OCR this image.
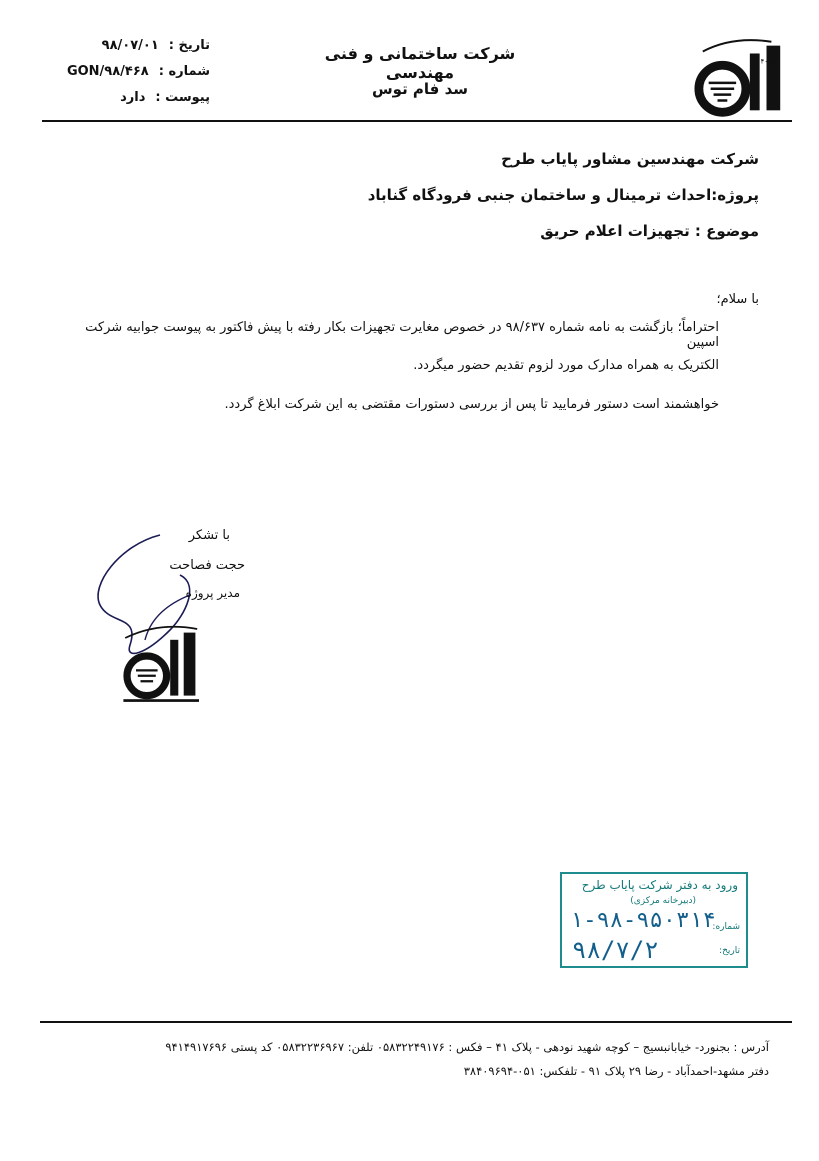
۴۰۶۵
شرکت ساختمانی و فنی مهندسی
سد فام توس
تاریخ :
۹۸/۰۷/۰۱
شماره :
GON/۹۸/۴۶۸
پیوست :
دارد
شرکت مهندسین مشاور پایاب طرح
پروژه:احداث ترمینال و ساختمان جنبی فرودگاه گناباد
موضوع : تجهیزات اعلام حریق
با سلام؛
احتراماً؛ بازگشت به نامه شماره ۹۸/۶۳۷ در خصوص مغایرت تجهیزات بکار رفته با پیش فاکتور به پیوست جوابیه شرکت اسپین
الکتریک به همراه مدارک مورد لزوم تقدیم حضور میگردد.
خواهشمند است دستور فرمایید تا پس از بررسی دستورات مقتضی به این شرکت ابلاغ گردد.
با تشکر
حجت فصاحت
مدیر پروژه
ورود به دفتر شرکت پایاب طرح
(دبیرخانه مرکزی)
شماره:
۱-۹۸-۹۵۰۳۱۴
تاریخ:
۹۸/۷/۲
آدرس : بجنورد- خیابانبسیج – کوچه شهید نودهی - پلاک ۴۱ – فکس : ۰۵۸۳۲۲۴۹۱۷۶ تلفن: ۰۵۸۳۲۲۳۶۹۶۷ کد پستی ۹۴۱۴۹۱۷۶۹۶
دفتر مشهد-احمدآباد - رضا ۲۹ پلاک ۹۱ - تلفکس: ۰۵۱-۳۸۴۰۹۶۹۴
